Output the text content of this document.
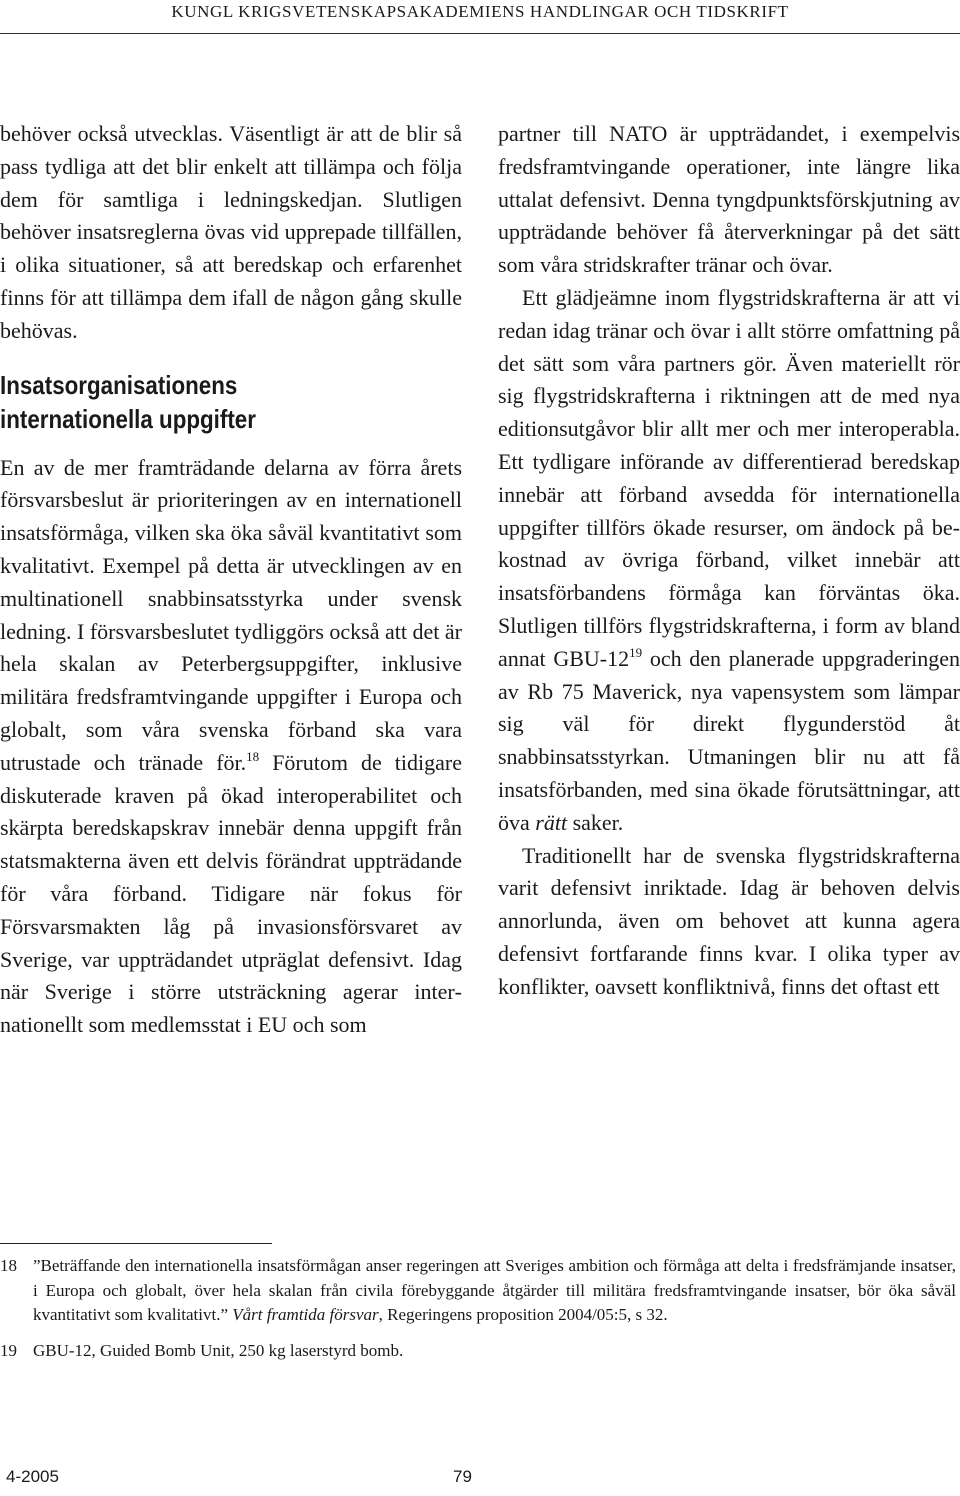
KUNGL KRIGSVETENSKAPSAKADEMIENS HANDLINGAR OCH TIDSKRIFT

behöver också utvecklas. Väsentligt är att de blir så pass tydliga att det blir enkelt att tillämpa och följa dem för samtliga i ledningskedjan. Slutligen behöver insatsreglerna övas vid upprepade tillfällen, i olika situationer, så att beredskap och erfarenhet finns för att tillämpa dem ifall de någon gång skulle behövas.

Insatsorganisationens
internationella uppgifter

En av de mer framträdande delarna av förra årets försvarsbeslut är prioriteringen av en internationell insatsförmåga, vilken ska öka såväl kvantitativt som kvalitativt. Exempel på detta är utvecklingen av en multinationell snabbinsatsstyrka under svensk ledning. I försvarsbeslutet tydliggörs också att det är hela skalan av Peterbergsuppgifter, inklusive militära fredsframtvingande uppgifter i Europa och globalt, som våra svenska förband ska vara utrustade och tränade för.$^{18}$ Förutom de tidigare diskuterade kraven på ökad interoperabilitet och skärpta beredskapskrav innebär denna uppgift från statsmakterna även ett delvis förändrat uppträdande för våra förband. Tidigare när fokus för Försvarsmakten låg på invasionsförsvaret av Sverige, var uppträdandet utpräglat defensivt. Idag när Sverige i större utsträckning agerar internationellt som medlemsstat i EU och som

partner till NATO är uppträdandet, i exempelvis fredsframtvingande operationer, inte längre lika uttalat defensivt. Denna tyngdpunktsförskjutning av uppträdande behöver få återverkningar på det sätt som våra stridskrafter tränar och övar.

Ett glädjeämne inom flygstridskrafterna är att vi redan idag tränar och övar i allt större omfattning på det sätt som våra partners gör. Även materiellt rör sig flygstridskrafterna i riktningen att de med nya editionsutgåvor blir allt mer och mer interoperabla. Ett tydligare införande av differentierad beredskap innebär att förband avsedda för internationella uppgifter tillförs ökade resurser, om ändock på bekostnad av övriga förband, vilket innebär att insatsförbandens förmåga kan förväntas öka. Slutligen tillförs flygstridskrafterna, i form av bland annat GBU-$12^{19}$ och den planerade uppgraderingen av Rb 75 Maverick, nya vapensystem som lämpar sig väl för direkt flygunderstöd åt snabbinsatsstyrkan. Utmaningen blir nu att få insatsförbanden, med sina ökade förutsättningar, att öva rätt saker.

Traditionellt har de svenska flygstridskrafterna varit defensivt inriktade. Idag är behoven delvis annorlunda, även om behovet att kunna agera defensivt fortfarande finns kvar. I olika typer av konflikter, oavsett konfliktnivå, finns det oftast ett

18 ”Beträffande den internationella insatsförmågan anser regeringen att Sveriges ambition och förmåga att delta i fredsfrämjande insatser, i Europa och globalt, över hela skalan från civila förebyggande åtgärder till militära fredsframtvingande insatser, bör öka såväl kvantitativt som kvalitativt.” Vårt framtida försvar, Regeringens proposition 2004/05:5, s 32.
19 GBU-12, Guided Bomb Unit, 250 kg laserstyrd bomb.
4-2005	79
